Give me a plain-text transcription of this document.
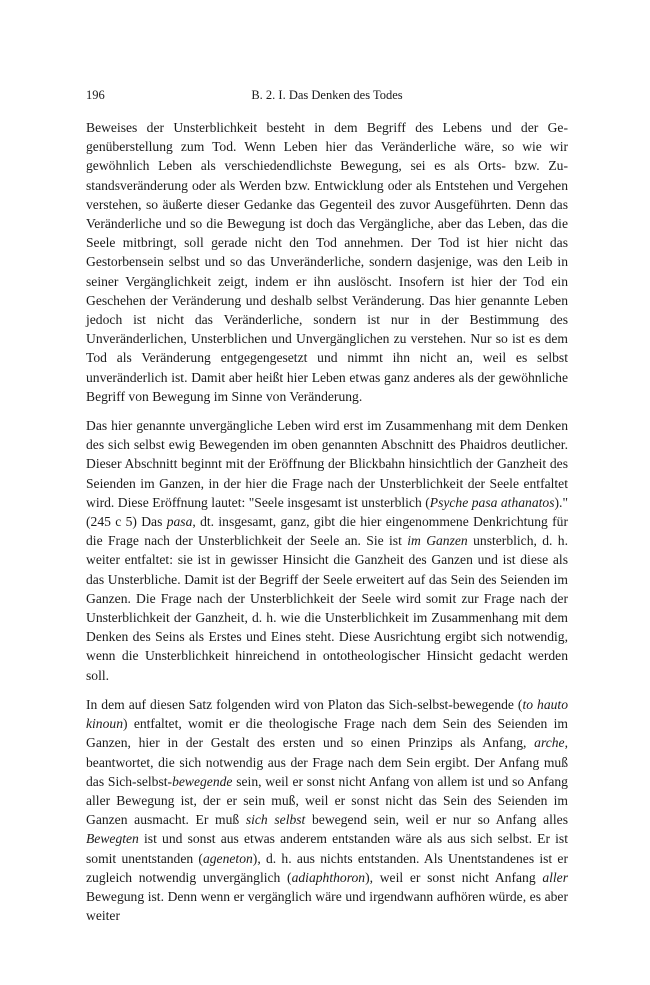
196	B. 2. I. Das Denken des Todes

Beweises der Unsterblichkeit besteht in dem Begriff des Lebens und der Gegenüberstellung zum Tod. Wenn Leben hier das Veränderliche wäre, so wie wir gewöhnlich Leben als verschiedendlichste Bewegung, sei es als Orts- bzw. Zustandsveränderung oder als Werden bzw. Entwicklung oder als Entstehen und Vergehen verstehen, so äußerte dieser Gedanke das Gegenteil des zuvor Ausgeführten. Denn das Veränderliche und so die Bewegung ist doch das Vergängliche, aber das Leben, das die Seele mitbringt, soll gerade nicht den Tod annehmen. Der Tod ist hier nicht das Gestorbensein selbst und so das Unveränderliche, sondern dasjenige, was den Leib in seiner Vergänglichkeit zeigt, indem er ihn auslöscht. Insofern ist hier der Tod ein Geschehen der Veränderung und deshalb selbst Veränderung. Das hier genannte Leben jedoch ist nicht das Veränderliche, sondern ist nur in der Bestimmung des Unveränderlichen, Unsterblichen und Unvergänglichen zu verstehen. Nur so ist es dem Tod als Veränderung entgegengesetzt und nimmt ihn nicht an, weil es selbst unveränderlich ist. Damit aber heißt hier Leben etwas ganz anderes als der gewöhnliche Begriff von Bewegung im Sinne von Veränderung.

Das hier genannte unvergängliche Leben wird erst im Zusammenhang mit dem Denken des sich selbst ewig Bewegenden im oben genannten Abschnitt des Phaidros deutlicher. Dieser Abschnitt beginnt mit der Eröffnung der Blickbahn hinsichtlich der Ganzheit des Seienden im Ganzen, in der hier die Frage nach der Unsterblichkeit der Seele entfaltet wird. Diese Eröffnung lautet: "Seele insgesamt ist unsterblich (Psyche pasa athanatos)." (245 c 5) Das pasa, dt. insgesamt, ganz, gibt die hier eingenommene Denkrichtung für die Frage nach der Unsterblichkeit der Seele an. Sie ist im Ganzen unsterblich, d. h. weiter entfaltet: sie ist in gewisser Hinsicht die Ganzheit des Ganzen und ist diese als das Unsterbliche. Damit ist der Begriff der Seele erweitert auf das Sein des Seienden im Ganzen. Die Frage nach der Unsterblichkeit der Seele wird somit zur Frage nach der Unsterblichkeit der Ganzheit, d. h. wie die Unsterblichkeit im Zusammenhang mit dem Denken des Seins als Erstes und Eines steht. Diese Ausrichtung ergibt sich notwendig, wenn die Unsterblichkeit hinreichend in ontotheologischer Hinsicht gedacht werden soll.

In dem auf diesen Satz folgenden wird von Platon das Sich-selbst-bewegende (to hauto kinoun) entfaltet, womit er die theologische Frage nach dem Sein des Seienden im Ganzen, hier in der Gestalt des ersten und so einen Prinzips als Anfang, arche, beantwortet, die sich notwendig aus der Frage nach dem Sein ergibt. Der Anfang muß das Sich-selbst-bewegende sein, weil er sonst nicht Anfang von allem ist und so Anfang aller Bewegung ist, der er sein muß, weil er sonst nicht das Sein des Seienden im Ganzen ausmacht. Er muß sich selbst bewegend sein, weil er nur so Anfang alles Bewegten ist und sonst aus etwas anderem entstanden wäre als aus sich selbst. Er ist somit unentstanden (ageneton), d. h. aus nichts entstanden. Als Unentstandenes ist er zugleich notwendig unvergänglich (adiaphthoron), weil er sonst nicht Anfang aller Bewegung ist. Denn wenn er vergänglich wäre und irgendwann aufhören würde, es aber weiter
